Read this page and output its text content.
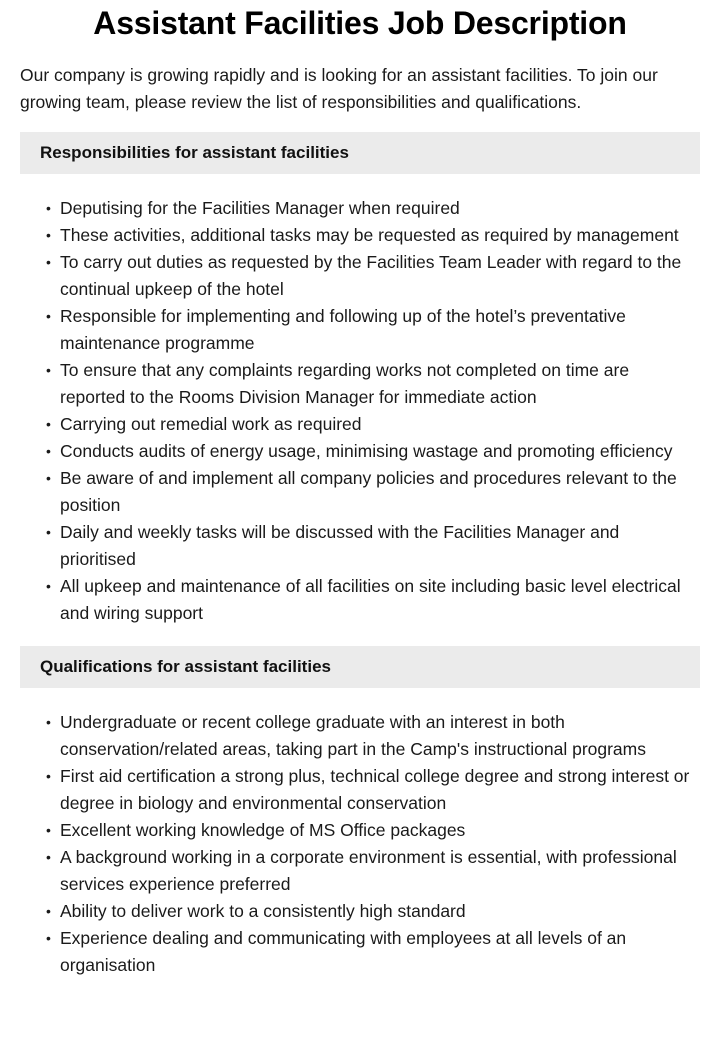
Assistant Facilities Job Description

Our company is growing rapidly and is looking for an assistant facilities. To join our growing team, please review the list of responsibilities and qualifications.

Responsibilities for assistant facilities
• Deputising for the Facilities Manager when required
• These activities, additional tasks may be requested as required by management
• To carry out duties as requested by the Facilities Team Leader with regard to the continual upkeep of the hotel
• Responsible for implementing and following up of the hotel’s preventative maintenance programme
• To ensure that any complaints regarding works not completed on time are reported to the Rooms Division Manager for immediate action
• Carrying out remedial work as required
• Conducts audits of energy usage, minimising wastage and promoting efficiency
• Be aware of and implement all company policies and procedures relevant to the position
• Daily and weekly tasks will be discussed with the Facilities Manager and prioritised
• All upkeep and maintenance of all facilities on site including basic level electrical and wiring support
Qualifications for assistant facilities
• Undergraduate or recent college graduate with an interest in both conservation/related areas, taking part in the Camp's instructional programs
• First aid certification a strong plus, technical college degree and strong interest or degree in biology and environmental conservation
• Excellent working knowledge of MS Office packages
• A background working in a corporate environment is essential, with professional services experience preferred
• Ability to deliver work to a consistently high standard
• Experience dealing and communicating with employees at all levels of an organisation
